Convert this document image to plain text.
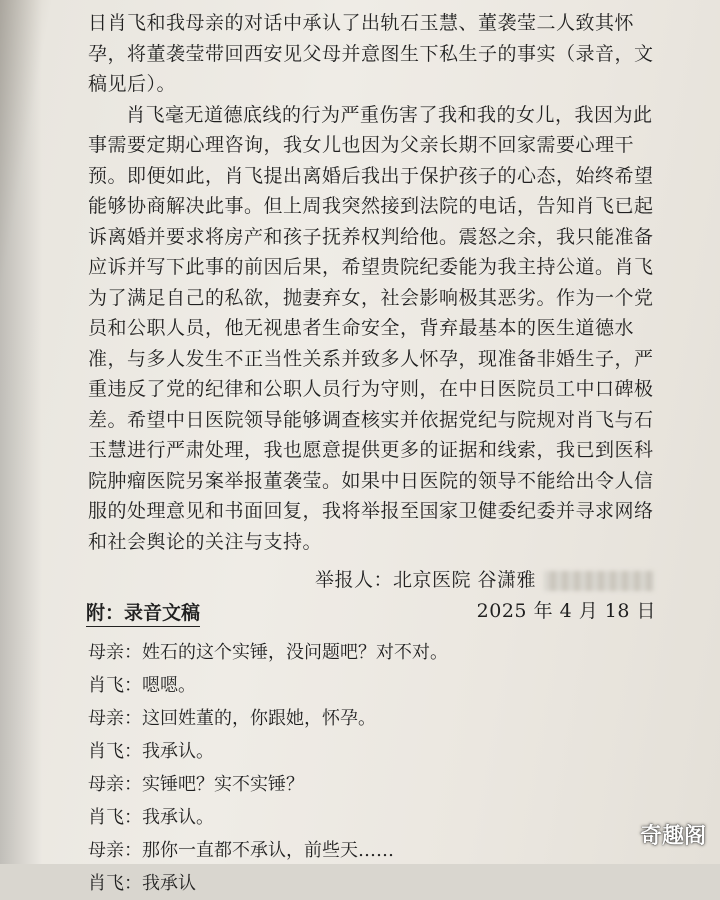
日肖飞和我母亲的对话中承认了出轨石玉慧、董袭莹二人致其怀
孕，将董袭莹带回西安见父母并意图生下私生子的事实（录音，文
稿见后）。
肖飞毫无道德底线的行为严重伤害了我和我的女儿，我因为此
事需要定期心理咨询，我女儿也因为父亲长期不回家需要心理干
预。即便如此，肖飞提出离婚后我出于保护孩子的心态，始终希望
能够协商解决此事。但上周我突然接到法院的电话，告知肖飞已起
诉离婚并要求将房产和孩子抚养权判给他。震怒之余，我只能准备
应诉并写下此事的前因后果，希望贵院纪委能为我主持公道。肖飞
为了满足自己的私欲，抛妻弃女，社会影响极其恶劣。作为一个党
员和公职人员，他无视患者生命安全，背弃最基本的医生道德水
准，与多人发生不正当性关系并致多人怀孕，现准备非婚生子，严
重违反了党的纪律和公职人员行为守则，在中日医院员工中口碑极
差。希望中日医院领导能够调查核实并依据党纪与院规对肖飞与石
玉慧进行严肃处理，我也愿意提供更多的证据和线索，我已到医科
院肿瘤医院另案举报董袭莹。如果中日医院的领导不能给出令人信
服的处理意见和书面回复，我将举报至国家卫健委纪委并寻求网络
和社会舆论的关注与支持。
举报人：北京医院 谷潇雅
2025 年 4 月 18 日
附：录音文稿
母亲：姓石的这个实锤，没问题吧？对不对。
肖飞：嗯嗯。
母亲：这回姓董的，你跟她，怀孕。
肖飞：我承认。
母亲：实锤吧？实不实锤？
肖飞：我承认。
母亲：那你一直都不承认，前些天……
肖飞：我承认
奇趣阁
